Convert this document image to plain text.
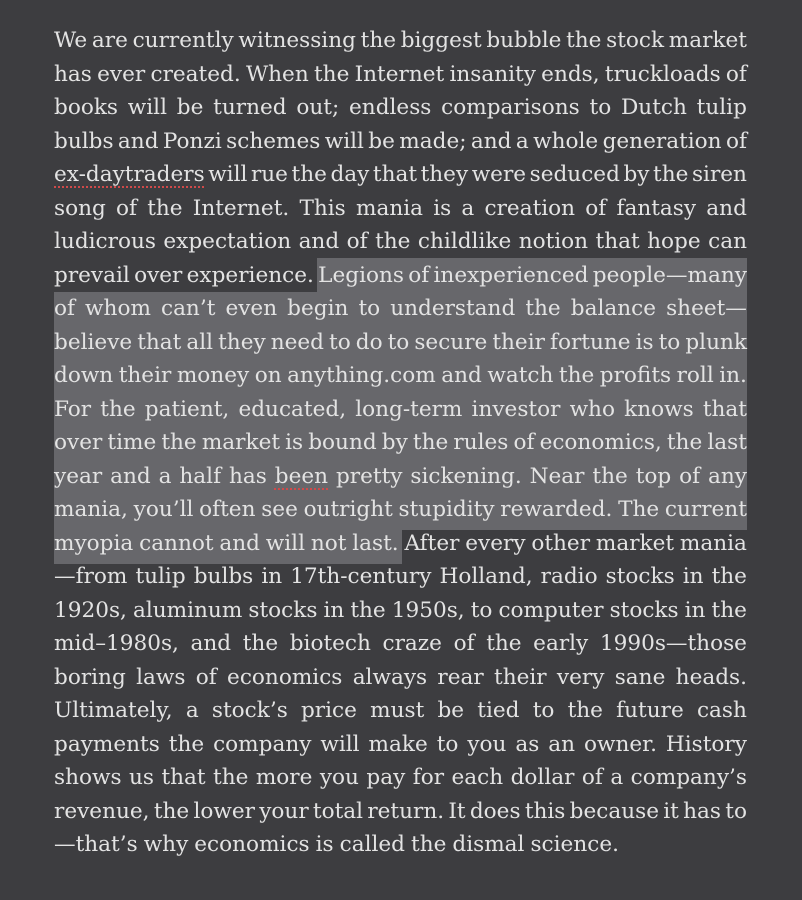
We are currently witnessing the biggest bubble the stock market
has ever created. When the Internet insanity ends, truckloads of
books will be turned out; endless comparisons to Dutch tulip
bulbs and Ponzi schemes will be made; and a whole generation of
ex-daytraders will rue the day that they were seduced by the siren
song of the Internet. This mania is a creation of fantasy and
ludicrous expectation and of the childlike notion that hope can
prevail over experience. Legions of inexperienced people—many
of whom can’t even begin to understand the balance sheet—
believe that all they need to do to secure their fortune is to plunk
down their money on anything.com and watch the profits roll in.
For the patient, educated, long-term investor who knows that
over time the market is bound by the rules of economics, the last
year and a half has been pretty sickening. Near the top of any
mania, you’ll often see outright stupidity rewarded. The current
myopia cannot and will not last. After every other market mania
—from tulip bulbs in 17th-century Holland, radio stocks in the
1920s, aluminum stocks in the 1950s, to computer stocks in the
mid–1980s, and the biotech craze of the early 1990s—those
boring laws of economics always rear their very sane heads.
Ultimately, a stock’s price must be tied to the future cash
payments the company will make to you as an owner. History
shows us that the more you pay for each dollar of a company’s
revenue, the lower your total return. It does this because it has to
—that’s why economics is called the dismal science.
